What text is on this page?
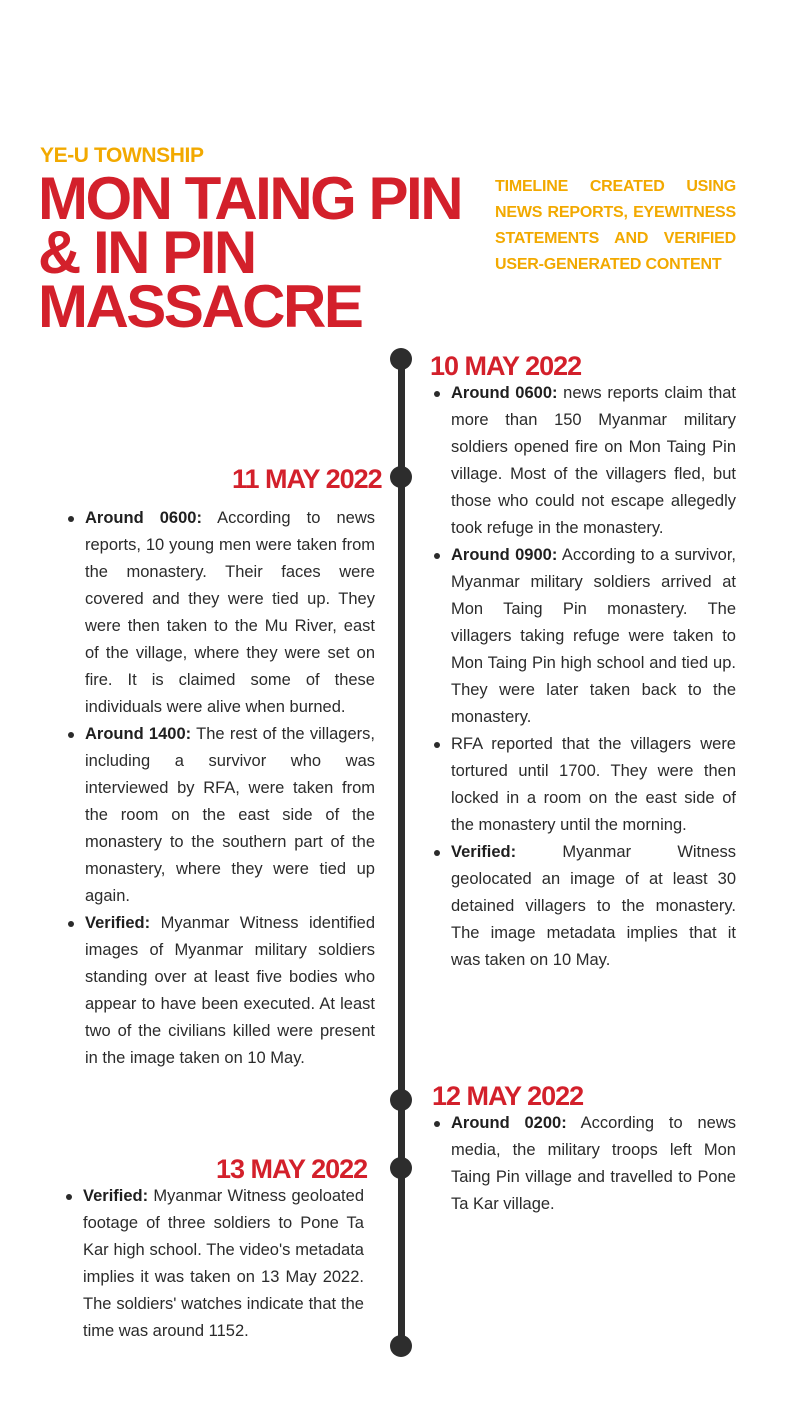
YE-U TOWNSHIP
MON TAING PIN
& IN PIN
MASSACRE
TIMELINE CREATED USING NEWS REPORTS, EYEWITNESS STATEMENTS AND VERIFIED USER-GENERATED CONTENT
10 MAY 2022
Around 0600: news reports claim that more than 150 Myanmar military soldiers opened fire on Mon Taing Pin village. Most of the villagers fled, but those who could not escape allegedly took refuge in the monastery.
Around 0900: According to a survivor, Myanmar military soldiers arrived at Mon Taing Pin monastery. The villagers taking refuge were taken to Mon Taing Pin high school and tied up. They were later taken back to the monastery.
RFA reported that the villagers were tortured until 1700. They were then locked in a room on the east side of the monastery until the morning.
Verified: Myanmar Witness geolocated an image of at least 30 detained villagers to the monastery. The image metadata implies that it was taken on 10 May.
11 MAY 2022
Around 0600: According to news reports, 10 young men were taken from the monastery. Their faces were covered and they were tied up. They were then taken to the Mu River, east of the village, where they were set on fire. It is claimed some of these individuals were alive when burned.
Around 1400: The rest of the villagers, including a survivor who was interviewed by RFA, were taken from the room on the east side of the monastery to the southern part of the monastery, where they were tied up again.
Verified: Myanmar Witness identified images of Myanmar military soldiers standing over at least five bodies who appear to have been executed. At least two of the civilians killed were present in the image taken on 10 May.
12 MAY 2022
Around 0200: According to news media, the military troops left Mon Taing Pin village and travelled to Pone Ta Kar village.
13 MAY 2022
Verified: Myanmar Witness geoloated footage of three soldiers to Pone Ta Kar high school. The video's metadata implies it was taken on 13 May 2022. The soldiers' watches indicate that the time was around 1152.
